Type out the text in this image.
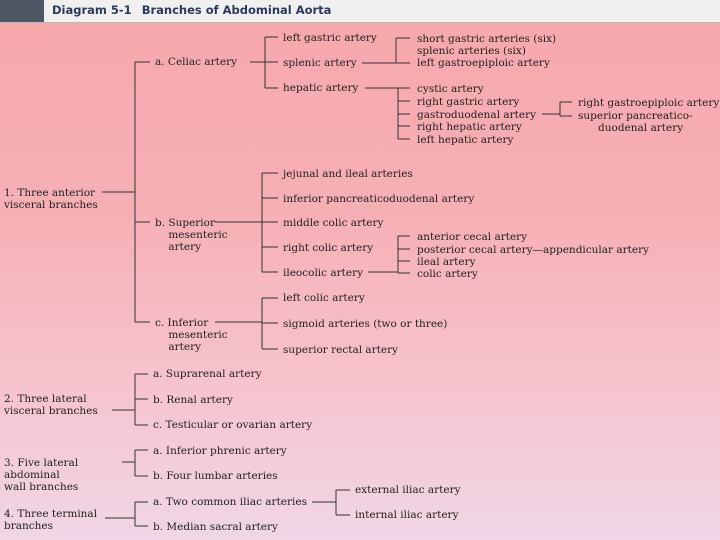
Diagram 5-1 Branches of Abdominal Aorta
1. Three anterior
visceral branches
2. Three lateral
visceral branches
3. Five lateral
abdominal
wall branches
4. Three terminal
branches
a. Celiac artery
left gastric artery
splenic artery
hepatic artery
short gastric arteries (six)
splenic arteries (six)
left gastroepiploic artery
cystic artery
right gastric artery
gastroduodenal artery
right hepatic artery
left hepatic artery
right gastroepiploic artery
superior pancreatico-
duodenal artery
b. Superior
mesenteric
artery
jejunal and ileal arteries
inferior pancreaticoduodenal artery
middle colic artery
right colic artery
ileocolic artery
anterior cecal artery
posterior cecal artery—appendicular artery
ileal artery
colic artery
c. Inferior
mesenteric
artery
left colic artery
sigmoid arteries (two or three)
superior rectal artery
a. Suprarenal artery
b. Renal artery
c. Testicular or ovarian artery
a. Inferior phrenic artery
b. Four lumbar arteries
a. Two common iliac arteries
b. Median sacral artery
external iliac artery
internal iliac artery
